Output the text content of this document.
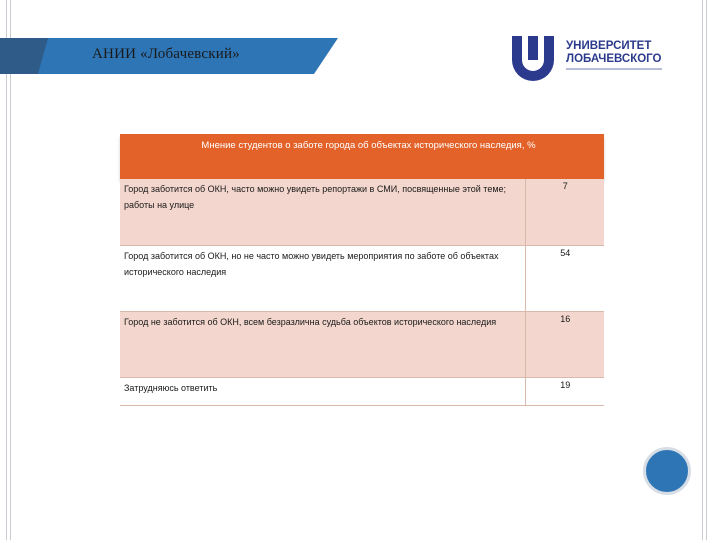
АНИИ «Лобачевский»	УНИВЕРСИТЕТ
ЛОБАЧЕВСКОГО
Мнение студентов о заботе города об объектах исторического наследия, %	
Город заботится об ОКН, часто можно увидеть репортажи в СМИ, посвященные этой теме; работы на улице	7
Город заботится об ОКН, но не часто можно увидеть мероприятия по заботе об объектах исторического наследия	54
Город не заботится об ОКН, всем безразлична судьба объектов исторического наследия	16
Затрудняюсь ответить	19
